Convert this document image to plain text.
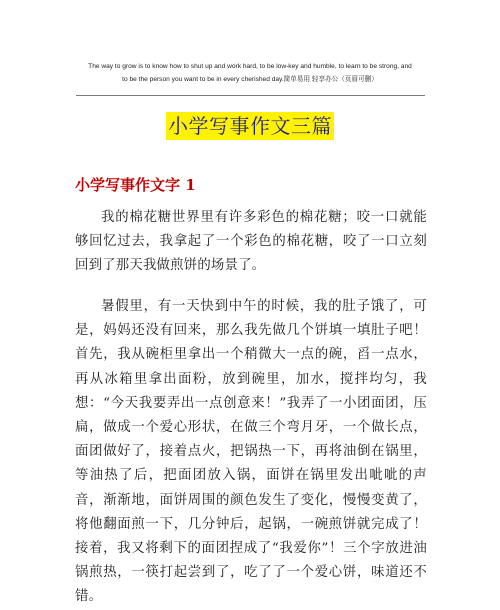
The way to grow is to know how to shut up and work hard, to be low-key and humble, to learn to be strong, and
to be the person you want to be in every cherished day.简单易用 轻享办公（页眉可删）
小学写事作文三篇
小学写事作文字 1
我的棉花糖世界里有许多彩色的棉花糖；咬一口就能够回忆过去，我拿起了一个彩色的棉花糖，咬了一口立刻回到了那天我做煎饼的场景了。
暑假里，有一天快到中午的时候，我的肚子饿了，可是，妈妈还没有回来，那么我先做几个饼填一填肚子吧！首先，我从碗柜里拿出一个稍微大一点的碗，舀一点水，再从冰箱里拿出面粉，放到碗里，加水，搅拌均匀，我想：“今天我要弄出一点创意来！”我弄了一小团面团，压扁，做成一个爱心形状，在做三个弯月牙，一个做长点，面团做好了，接着点火，把锅热一下，再将油倒在锅里，等油热了后，把面团放入锅，面饼在锅里发出呲呲的声音，渐渐地，面饼周围的颜色发生了变化，慢慢变黄了，将他翻面煎一下，几分钟后，起锅，一碗煎饼就完成了！接着，我又将剩下的面团捏成了“我爱你”！三个字放进油锅煎热，一筷打起尝到了，吃了了一个爱心饼，味道还不错。
